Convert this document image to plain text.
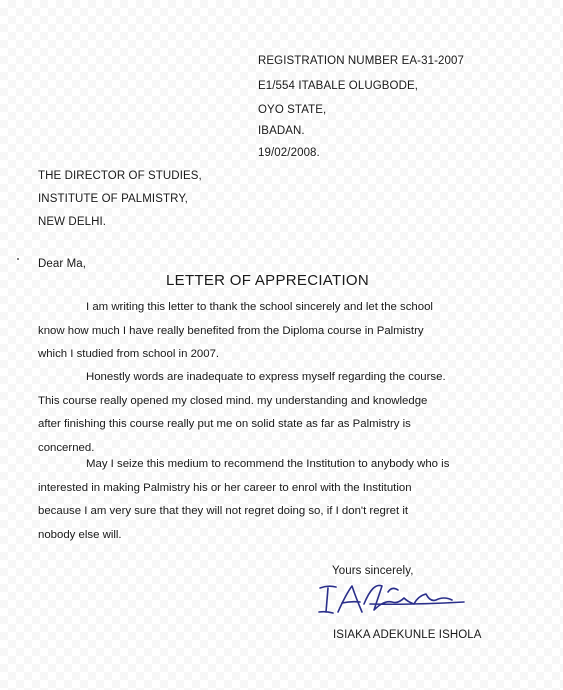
REGISTRATION NUMBER EA-31-2007
E1/554 ITABALE OLUGBODE,
OYO STATE,
IBADAN.
19/02/2008.
THE DIRECTOR OF STUDIES,
INSTITUTE OF PALMISTRY,
NEW DELHI.
Dear Ma,
LETTER OF APPRECIATION
I am writing this letter to thank the school sincerely and let the school
know how much I have really benefited from the Diploma course in Palmistry
which I studied from school in 2007.
Honestly words are inadequate to express myself regarding the course.
This course really opened my closed mind. my understanding and knowledge
after finishing this course really put me on solid state as far as Palmistry is
concerned.
May I seize this medium to recommend the Institution to anybody who is
interested in making Palmistry his or her career to enrol with the Institution
because I am very sure that they will not regret doing so, if I don't regret it
nobody else will.
Yours sincerely,
ISIAKA ADEKUNLE ISHOLA
